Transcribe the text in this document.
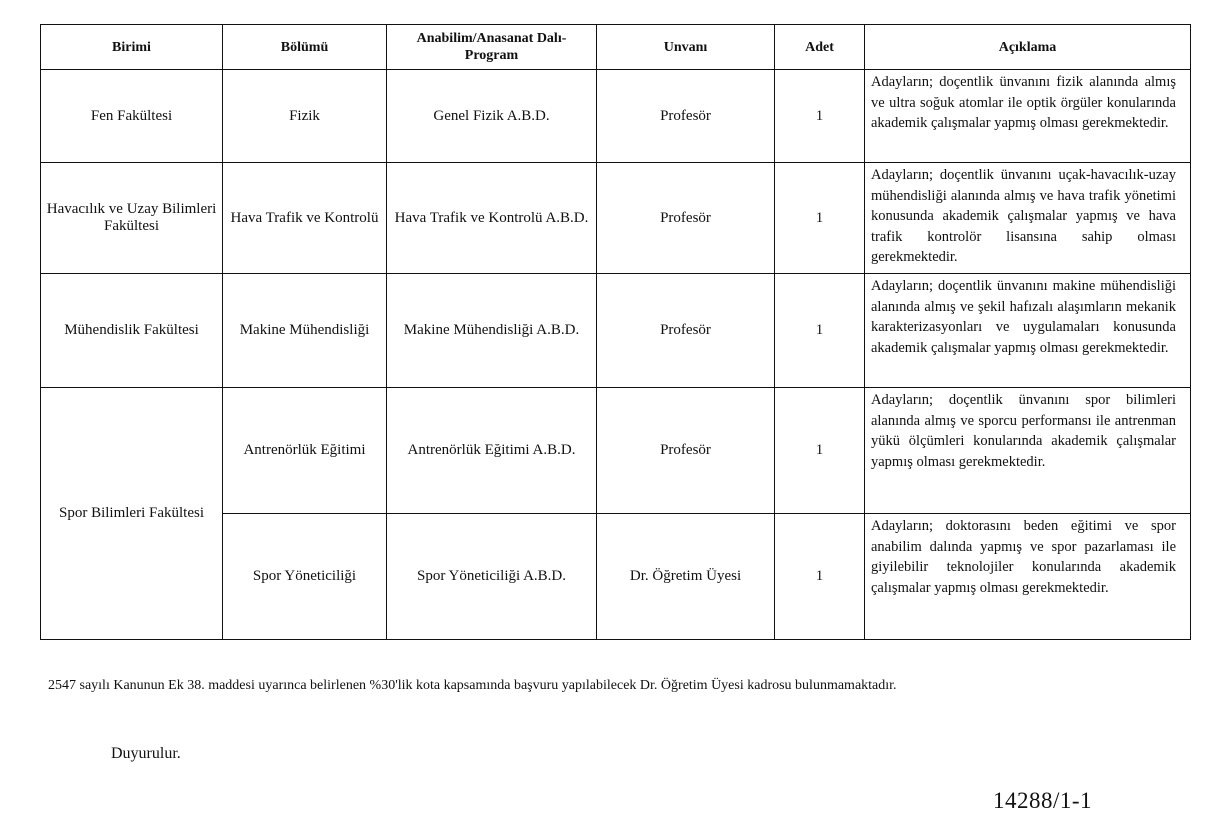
Birimi	Bölümü	Anabilim/Anasanat Dalı-Program	Unvanı	Adet	Açıklama
Fen Fakültesi	Fizik	Genel Fizik A.B.D.	Profesör	1	Adayların; doçentlik ünvanını fizik alanında almış ve ultra soğuk atomlar ile optik örgüler konularında akademik çalışmalar yapmış olması gerekmektedir.
Havacılık ve Uzay Bilimleri Fakültesi	Hava Trafik ve Kontrolü	Hava Trafik ve Kontrolü A.B.D.	Profesör	1	Adayların; doçentlik ünvanını uçak-havacılık-uzay mühendisliği alanında almış ve hava trafik yönetimi konusunda akademik çalışmalar yapmış ve hava trafik kontrolör lisansına sahip olması gerekmektedir.
Mühendislik Fakültesi	Makine Mühendisliği	Makine Mühendisliği A.B.D.	Profesör	1	Adayların; doçentlik ünvanını makine mühendisliği alanında almış ve şekil hafızalı alaşımların mekanik karakterizasyonları ve uygulamaları konusunda akademik çalışmalar yapmış olması gerekmektedir.
Spor Bilimleri Fakültesi	Antrenörlük Eğitimi	Antrenörlük Eğitimi A.B.D.	Profesör	1	Adayların; doçentlik ünvanını spor bilimleri alanında almış ve sporcu performansı ile antrenman yükü ölçümleri konularında akademik çalışmalar yapmış olması gerekmektedir.
	Spor Yöneticiliği	Spor Yöneticiliği A.B.D.	Dr. Öğretim Üyesi	1	Adayların; doktorasını beden eğitimi ve spor anabilim dalında yapmış ve spor pazarlaması ile giyilebilir teknolojiler konularında akademik çalışmalar yapmış olması gerekmektedir.
2547 sayılı Kanunun Ek 38. maddesi uyarınca belirlenen %30'lik kota kapsamında başvuru yapılabilecek Dr. Öğretim Üyesi kadrosu bulunmamaktadır.
Duyurulur.
14288/1-1
